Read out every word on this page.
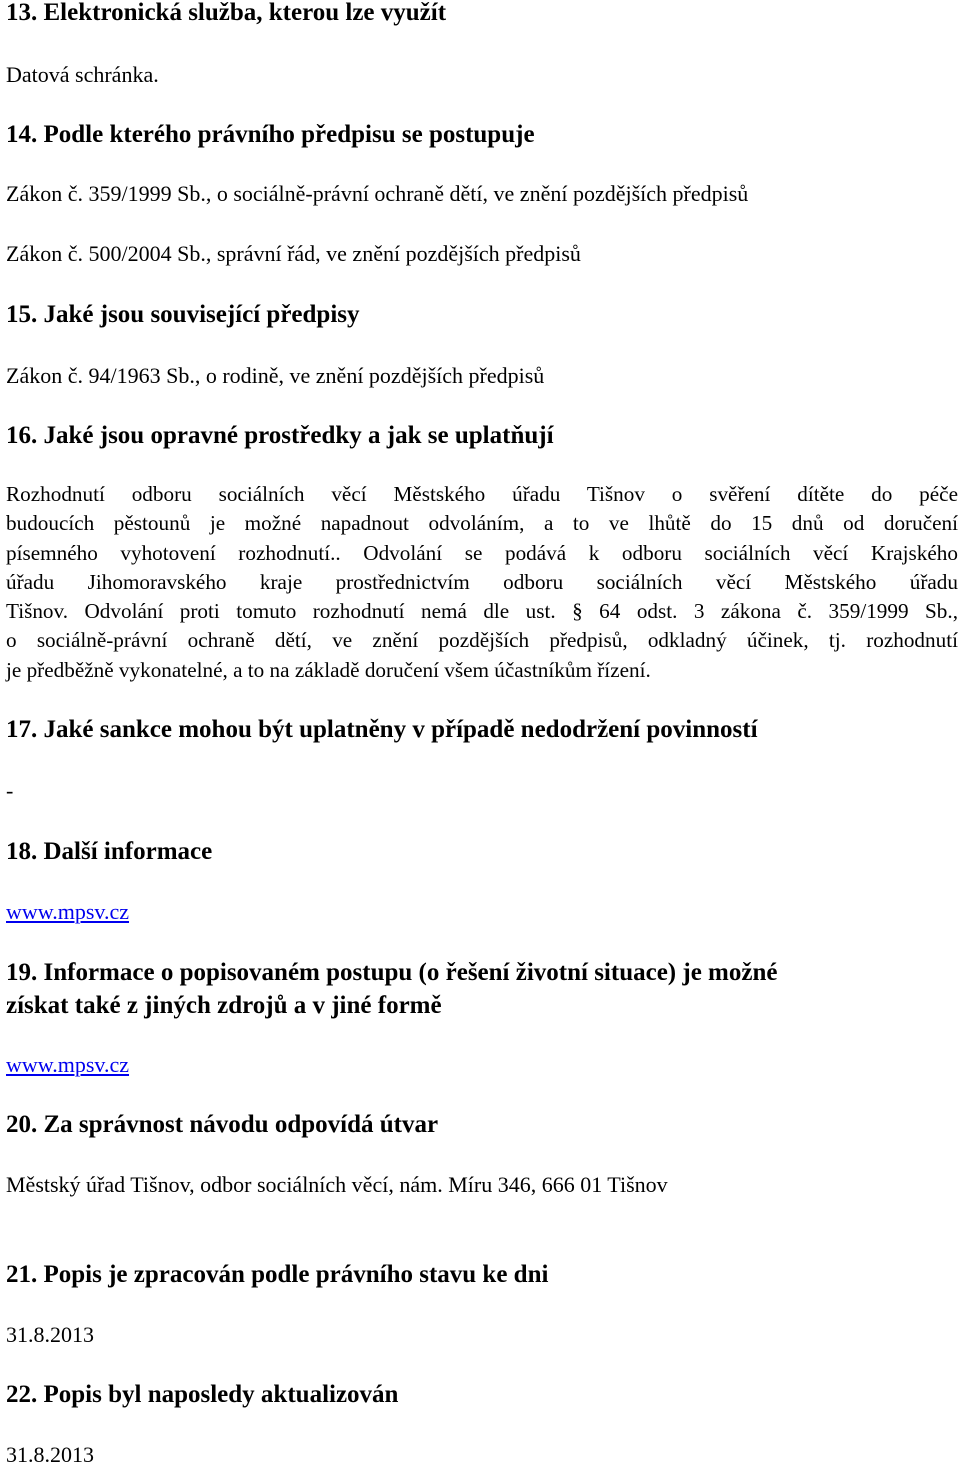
13. Elektronická služba, kterou lze využít

Datová schránka.

14. Podle kterého právního předpisu se postupuje

Zákon č. 359/1999 Sb., o sociálně-právní ochraně dětí, ve znění pozdějších předpisů

Zákon č. 500/2004 Sb., správní řád, ve znění pozdějších předpisů

15. Jaké jsou související předpisy

Zákon č. 94/1963 Sb., o rodině, ve znění pozdějších předpisů

16. Jaké jsou opravné prostředky a jak se uplatňují
Rozhodnutí odboru sociálních věcí Městského úřadu Tišnov o svěření dítěte do péče
budoucích pěstounů je možné napadnout odvoláním, a to ve lhůtě do 15 dnů od doručení
písemného vyhotovení rozhodnutí.. Odvolání se podává k odboru sociálních věcí Krajského
úřadu Jihomoravského kraje prostřednictvím odboru sociálních věcí Městského úřadu
Tišnov. Odvolání proti tomuto rozhodnutí nemá dle ust. § 64 odst. 3 zákona č. 359/1999 Sb.,
o sociálně-právní ochraně dětí, ve znění pozdějších předpisů, odkladný účinek, tj. rozhodnutí
je předběžně vykonatelné, a to na základě doručení všem účastníkům řízení.
17. Jaké sankce mohou být uplatněny v případě nedodržení povinností

-

18. Další informace
www.mpsv.cz
19. Informace o popisovaném postupu (o řešení životní situace) je možné
získat také z jiných zdrojů a v jiné formě
www.mpsv.cz
20. Za správnost návodu odpovídá útvar

Městský úřad Tišnov, odbor sociálních věcí, nám. Míru 346, 666 01 Tišnov

21. Popis je zpracován podle právního stavu ke dni

31.8.2013

22. Popis byl naposledy aktualizován

31.8.2013
